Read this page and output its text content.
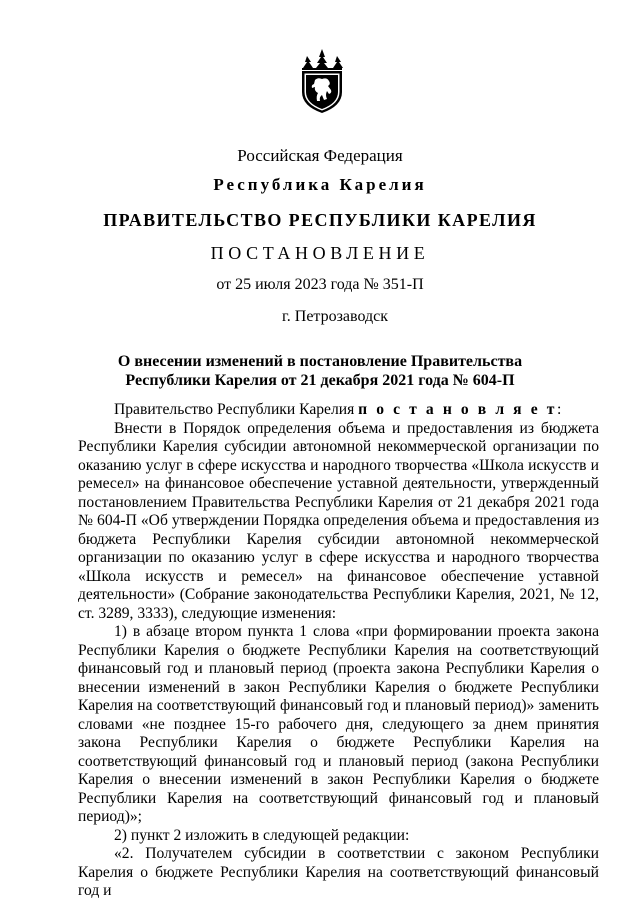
Российская Федерация
Республика Карелия
ПРАВИТЕЛЬСТВО РЕСПУБЛИКИ КАРЕЛИЯ
ПОСТАНОВЛЕНИЕ
от 25 июля 2023 года № 351-П
г. Петрозаводск
О внесении изменений в постановление Правительства
Республики Карелия от 21 декабря 2021 года № 604-П

Правительство Республики Карелия п о с т а н о в л я е т:

Внести в Порядок определения объема и предоставления из бюджета Республики Карелия субсидии автономной некоммерческой организации по оказанию услуг в сфере искусства и народного творчества «Школа искусств и ремесел» на финансовое обеспечение уставной деятельности, утвержденный постановлением Правительства Республики Карелия от 21 декабря 2021 года № 604-П «Об утверждении Порядка определения объема и предоставления из бюджета Республики Карелия субсидии автономной некоммерческой организации по оказанию услуг в сфере искусства и народного творчества «Школа искусств и ремесел» на финансовое обеспечение уставной деятельности» (Собрание законодательства Республики Карелия, 2021, № 12, ст. 3289, 3333), следующие изменения:

1) в абзаце втором пункта 1 слова «при формировании проекта закона Республики Карелия о бюджете Республики Карелия на соответствующий финансовый год и плановый период (проекта закона Республики Карелия о внесении изменений в закон Республики Карелия о бюджете Республики Карелия на соответствующий финансовый год и плановый период)» заменить словами «не позднее 15-го рабочего дня, следующего за днем принятия закона Республики Карелия о бюджете Республики Карелия на соответствующий финансовый год и плановый период (закона Республики Карелия о внесении изменений в закон Республики Карелия о бюджете Республики Карелия на соответствующий финансовый год и плановый период)»;

2) пункт 2 изложить в следующей редакции:

«2. Получателем субсидии в соответствии с законом Республики Карелия о бюджете Республики Карелия на соответствующий финансовый год и
